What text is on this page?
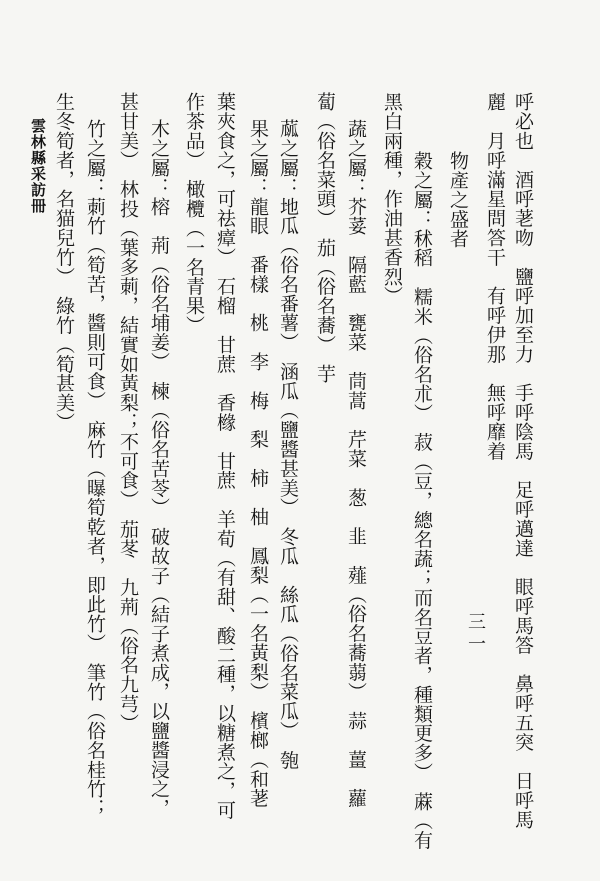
呼必也　酒呼荖吻　鹽呼加至力　手呼陰馬　足呼邁達　眼呼馬答　鼻呼五突　日呼馬
麗　月呼滿星問答干　有呼伊那　無呼靡着
物產之盛者
穀之屬：秫稻　糯米（俗名朮）　菽（豆，總名蔬；而名豆者，種類更多）　蔴（有
黑白兩種，作油甚香烈）
蔬之屬：芥荽　隔藍　甕菜　茼蒿　芹菜　葱　韭　薤（俗名蕎蒻）　蒜　薑　蘿
蔔（俗名菜頭）　茄（俗名蕎）　芋
蓏之屬：地瓜（俗名番薯）　涵瓜（鹽醬甚美）　冬瓜　絲瓜（俗名菜瓜）　匏
果之屬：龍眼　番樣　桃　李　梅　梨　柿　柚　鳳梨（一名黃梨）　檳榔（和荖
葉夾食之，可祛瘴）　石榴　甘蔗　香橼　甘蔗　羊荀（有甜、酸二種，以糖煮之，可
作茶品）　橄欖（一名青果）
木之屬：榕　荊（俗名埔姜）　楝（俗名苦苓）　破故子（結子煮成，以鹽醬浸之，
甚甘美）　林投（葉多莿，結實如黃梨；不可食）　茄苳　九荊（俗名九芎）
竹之屬：莿竹（筍苦，醬則可食）　麻竹（曝筍乾者，即此竹）　筆竹（俗名桂竹；
生冬筍者，名猫兒竹）　綠竹（筍甚美）
雲林縣采訪冊
三一
